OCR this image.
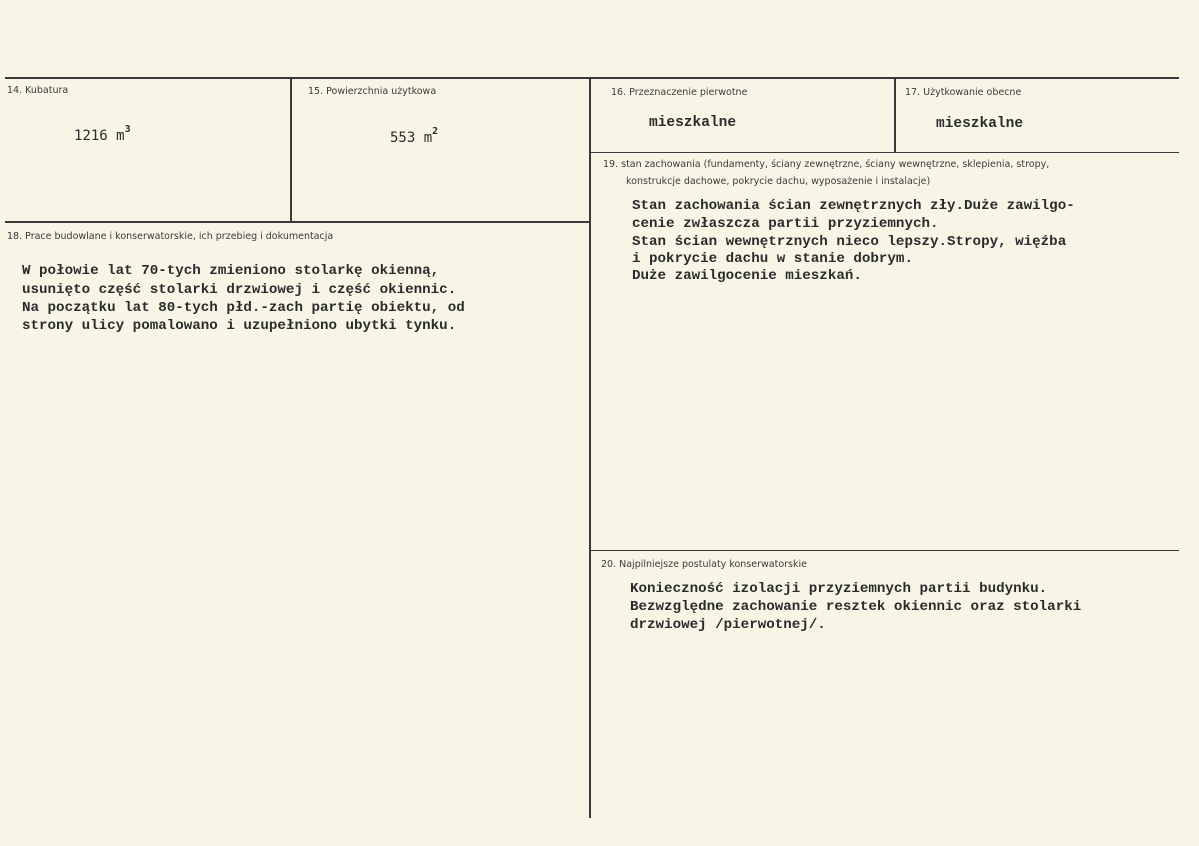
14. Kubatura
1216 $m^3$
15. Powierzchnia użytkowa
553 $m^2$
16. Przeznaczenie pierwotne
mieszkalne
17. Użytkowanie obecne
mieszkalne
18. Prace budowlane i konserwatorskie, ich przebieg i dokumentacja
W połowie lat 70-tych zmieniono stolarkę okienną,
usunięto część stolarki drzwiowej i część okiennic.
Na początku lat 80-tych płd.-zach partię obiektu, od
strony ulicy pomalowano i uzupełniono ubytki tynku.
19. stan zachowania (fundamenty, ściany zewnętrzne, ściany wewnętrzne, sklepienia, stropy,
konstrukcje dachowe, pokrycie dachu, wyposażenie i instalacje)
Stan zachowania ścian zewnętrznych zły.Duże zawilgo-
cenie zwłaszcza partii przyziemnych.
Stan ścian wewnętrznych nieco lepszy.Stropy, więźba
i pokrycie dachu w stanie dobrym.
Duże zawilgocenie mieszkań.
20. Najpilniejsze postulaty konserwatorskie
Konieczność izolacji przyziemnych partii budynku.
Bezwzględne zachowanie resztek okiennic oraz stolarki
drzwiowej /pierwotnej/.
